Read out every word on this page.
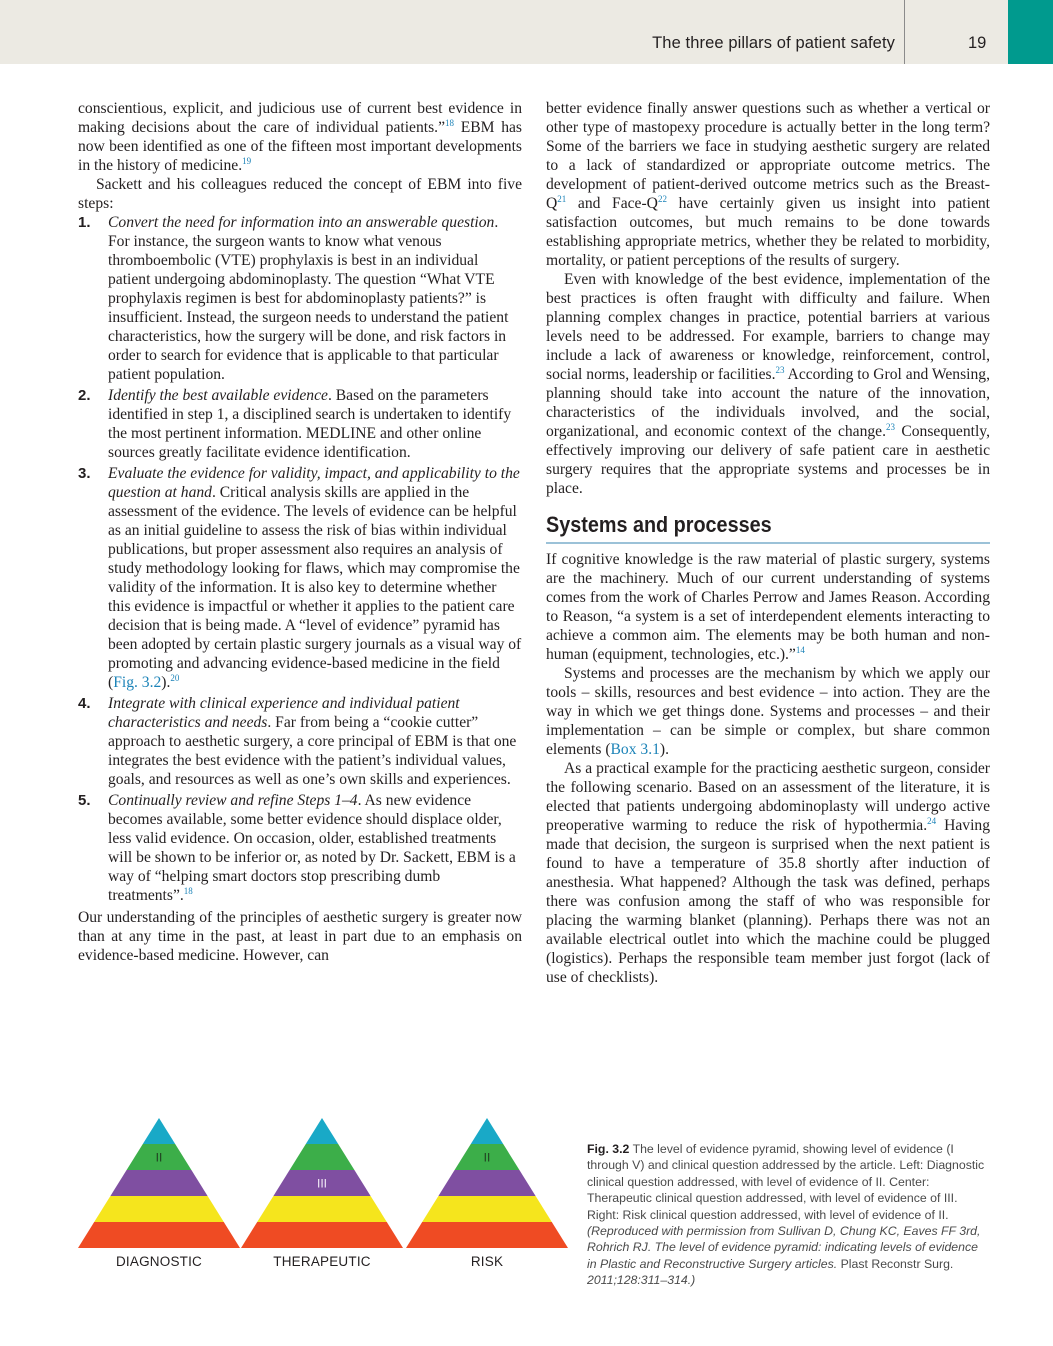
The three pillars of patient safety	19

conscientious, explicit, and judicious use of current best evidence in making decisions about the care of individual patients.”$^{18}$ EBM has now been identified as one of the fifteen most important developments in the history of medicine.$^{19}$

Sackett and his colleagues reduced the concept of EBM into five steps:

1. Convert the need for information into an answerable question. For instance, the surgeon wants to know what venous thromboembolic (VTE) prophylaxis is best in an individual patient undergoing abdominoplasty. The question “What VTE prophylaxis regimen is best for abdominoplasty patients?” is insufficient. Instead, the surgeon needs to understand the patient characteristics, how the surgery will be done, and risk factors in order to search for evidence that is applicable to that particular patient population.
2. Identify the best available evidence. Based on the parameters identified in step 1, a disciplined search is undertaken to identify the most pertinent information. MEDLINE and other online sources greatly facilitate evidence identification.
3. Evaluate the evidence for validity, impact, and applicability to the question at hand. Critical analysis skills are applied in the assessment of the evidence. The levels of evidence can be helpful as an initial guideline to assess the risk of bias within individual publications, but proper assessment also requires an analysis of study methodology looking for flaws, which may compromise the validity of the information. It is also key to determine whether this evidence is impactful or whether it applies to the patient care decision that is being made. A “level of evidence” pyramid has been adopted by certain plastic surgery journals as a visual way of promoting and advancing evidence-based medicine in the field (Fig. 3.2).$^{20}$
4. Integrate with clinical experience and individual patient characteristics and needs. Far from being a “cookie cutter” approach to aesthetic surgery, a core principal of EBM is that one integrates the best evidence with the patient’s individual values, goals, and resources as well as one’s own skills and experiences.
5. Continually review and refine Steps 1–4. As new evidence becomes available, some better evidence should displace older, less valid evidence. On occasion, older, established treatments will be shown to be inferior or, as noted by Dr. Sackett, EBM is a way of “helping smart doctors stop prescribing dumb treatments”.$^{18}$

Our understanding of the principles of aesthetic surgery is greater now than at any time in the past, at least in part due to an emphasis on evidence-based medicine. However, can

better evidence finally answer questions such as whether a vertical or other type of mastopexy procedure is actually better in the long term? Some of the barriers we face in studying aesthetic surgery are related to a lack of standardized or appropriate outcome metrics. The development of patient-derived outcome metrics such as the Breast-$Q^{21}$ and Face-$Q^{22}$ have certainly given us insight into patient satisfaction outcomes, but much remains to be done towards establishing appropriate metrics, whether they be related to morbidity, mortality, or patient perceptions of the results of surgery.

Even with knowledge of the best evidence, implementation of the best practices is often fraught with difficulty and failure. When planning complex changes in practice, potential barriers at various levels need to be addressed. For example, barriers to change may include a lack of awareness or knowledge, reinforcement, control, social norms, leadership or facilities.$^{23}$ According to Grol and Wensing, planning should take into account the nature of the innovation, characteristics of the individuals involved, and the social, organizational, and economic context of the change.$^{23}$ Consequently, effectively improving our delivery of safe patient care in aesthetic surgery requires that the appropriate systems and processes be in place.

Systems and processes

If cognitive knowledge is the raw material of plastic surgery, systems are the machinery. Much of our current understanding of systems comes from the work of Charles Perrow and James Reason. According to Reason, “a system is a set of interdependent elements interacting to achieve a common aim. The elements may be both human and non-human (equipment, technologies, etc.).”$^{14}$

Systems and processes are the mechanism by which we apply our tools – skills, resources and best evidence – into action. They are the way in which we get things done. Systems and processes – and their implementation – can be simple or complex, but share common elements (Box 3.1).

As a practical example for the practicing aesthetic surgeon, consider the following scenario. Based on an assessment of the literature, it is elected that patients undergoing abdominoplasty will undergo active preoperative warming to reduce the risk of hypothermia.$^{24}$ Having made that decision, the surgeon is surprised when the next patient is found to have a temperature of 35.8 shortly after induction of anesthesia. What happened? Although the task was defined, perhaps there was confusion among the staff of who was responsible for placing the warming blanket (planning). Perhaps there was not an available electrical outlet into which the machine could be plugged (logistics). Perhaps the responsible team member just forgot (lack of use of checklists).

II
III
II
DIAGNOSTIC	THERAPEUTIC	RISK
Fig. 3.2 The level of evidence pyramid, showing level of evidence (I through V) and clinical question addressed by the article. Left: Diagnostic clinical question addressed, with level of evidence of II. Center: Therapeutic clinical question addressed, with level of evidence of III. Right: Risk clinical question addressed, with level of evidence of II. (Reproduced with permission from Sullivan D, Chung KC, Eaves FF 3rd, Rohrich RJ. The level of evidence pyramid: indicating levels of evidence in Plastic and Reconstructive Surgery articles. Plast Reconstr Surg. 2011;128:311–314.)
